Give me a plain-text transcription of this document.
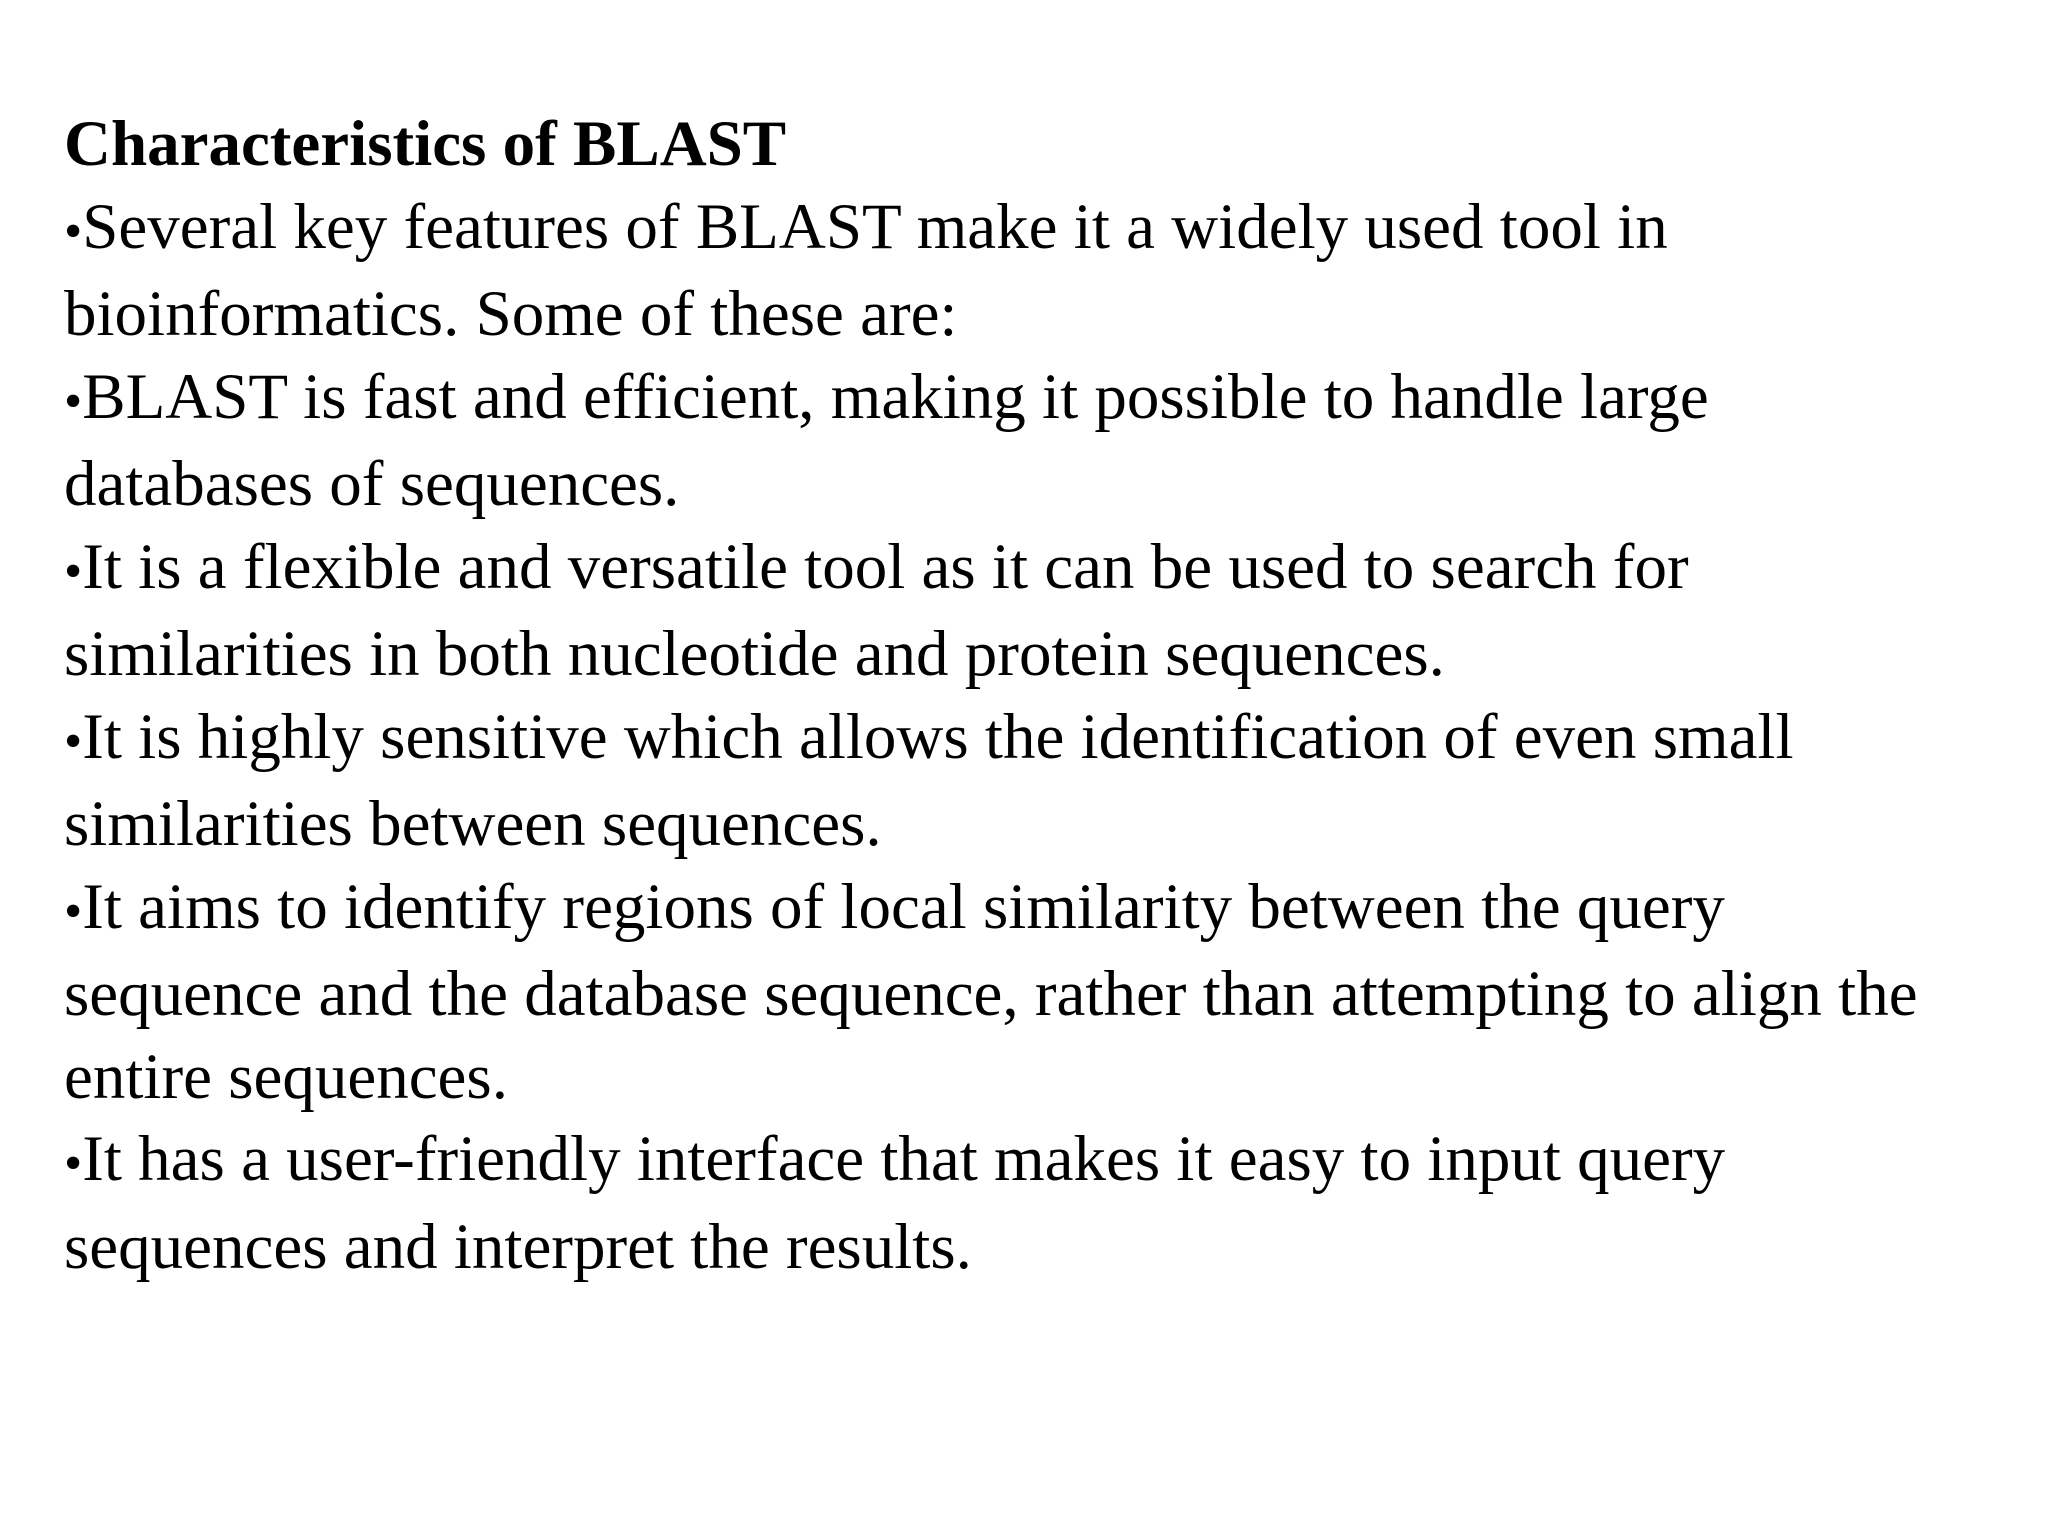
Characteristics of BLAST
•Several key features of BLAST make it a widely used tool in
bioinformatics. Some of these are:
•BLAST is fast and efficient, making it possible to handle large
databases of sequences.
•It is a flexible and versatile tool as it can be used to search for
similarities in both nucleotide and protein sequences.
•It is highly sensitive which allows the identification of even small
similarities between sequences.
•It aims to identify regions of local similarity between the query
sequence and the database sequence, rather than attempting to align the
entire sequences.
•It has a user-friendly interface that makes it easy to input query
sequences and interpret the results.
